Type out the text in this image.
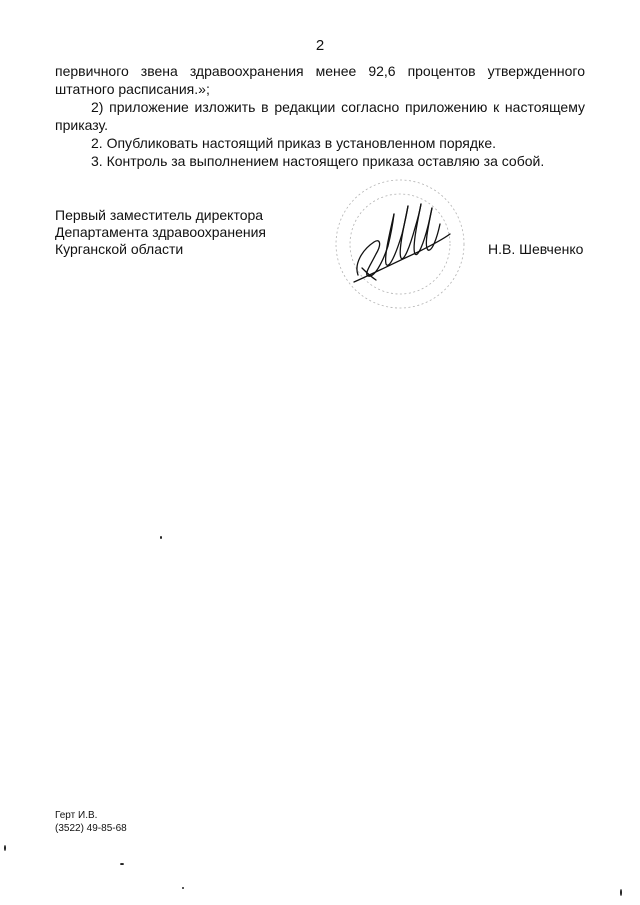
2

первичного звена здравоохранения менее 92,6 процентов утвержденного

штатного расписания.»;

2) приложение изложить в редакции согласно приложению к настоящему

приказу.

2. Опубликовать настоящий приказ в установленном порядке.

3. Контроль за выполнением настоящего приказа оставляю за собой.

Первый заместитель директора
Департамента здравоохранения
Курганской области	Н.В. Шевченко
Герт И.В.
(3522) 49-85-68
